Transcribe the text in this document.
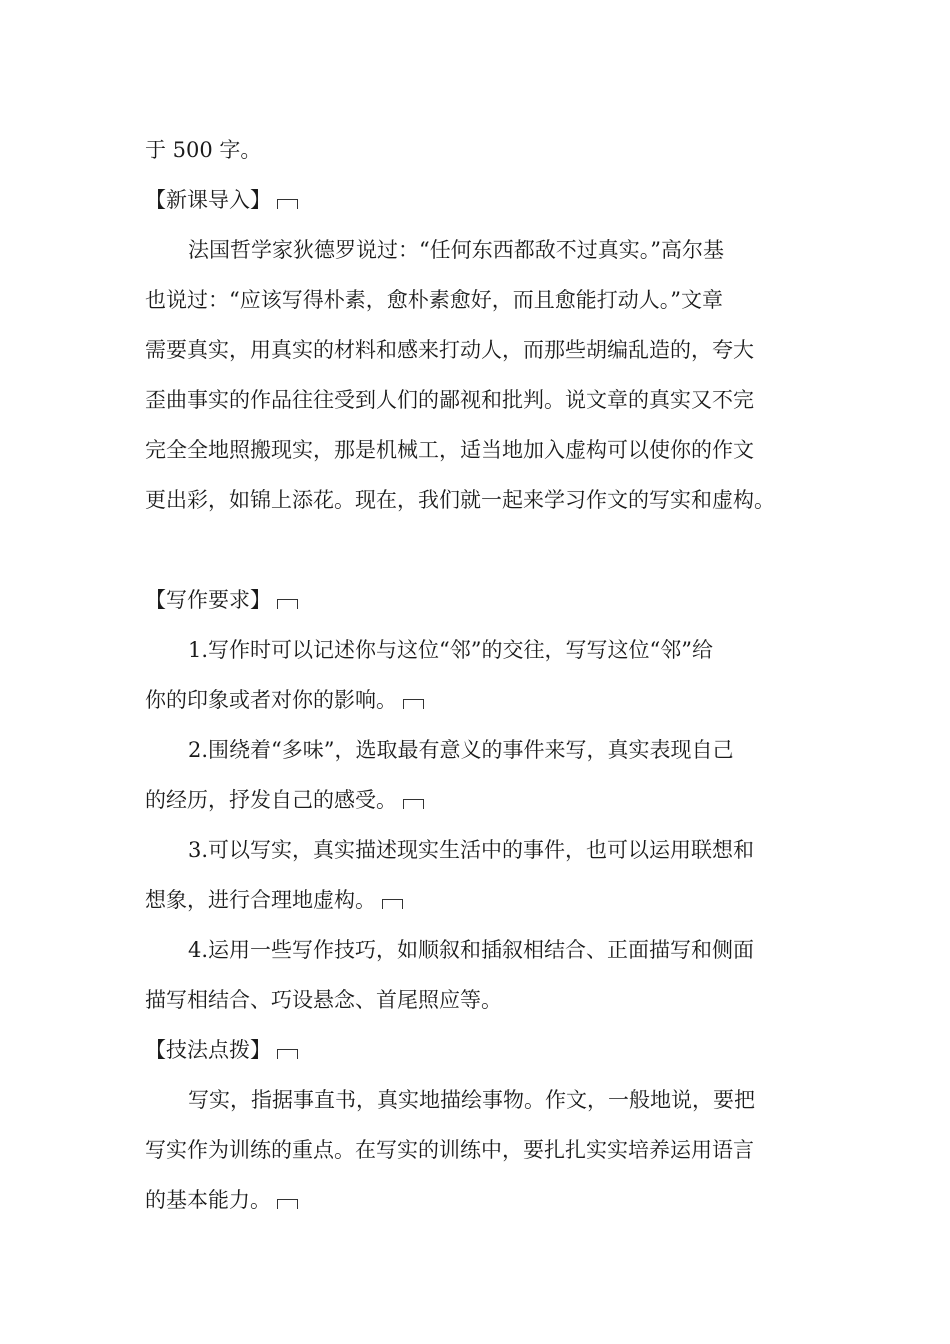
于 500 字。
【新课导入】
法国哲学家狄德罗说过：“任何东西都敌不过真实。”高尔基
也说过：“应该写得朴素，愈朴素愈好，而且愈能打动人。”文章
需要真实，用真实的材料和感来打动人，而那些胡编乱造的，夸大
歪曲事实的作品往往受到人们的鄙视和批判。说文章的真实又不完
完全全地照搬现实，那是机械工，适当地加入虚构可以使你的作文
更出彩，如锦上添花。现在，我们就一起来学习作文的写实和虚构。
【写作要求】
1.写作时可以记述你与这位“邻”的交往，写写这位“邻”给
你的印象或者对你的影响。
2.围绕着“多味”，选取最有意义的事件来写，真实表现自己
的经历，抒发自己的感受。
3.可以写实，真实描述现实生活中的事件，也可以运用联想和
想象，进行合理地虚构。
4.运用一些写作技巧，如顺叙和插叙相结合、正面描写和侧面
描写相结合、巧设悬念、首尾照应等。
【技法点拨】
写实，指据事直书，真实地描绘事物。作文，一般地说，要把
写实作为训练的重点。在写实的训练中，要扎扎实实培养运用语言
的基本能力。
